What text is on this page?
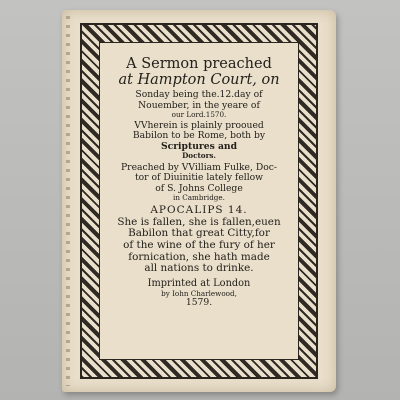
A Sermon preached
at Hampton Court, on
Sonday being the.12.day of
Nouember, in the yeare of
our Lord.1570.
VVherein is plainly prooued
Babilon to be Rome, both by
Scriptures and
Doctors.
Preached by VVilliam Fulke, Doc-
tor of Diuinitie lately fellow
of S. Johns College
in Cambridge.
APOCALIPS 14.
She is fallen, she is fallen,euen
Babilon that great Citty,for
of the wine of the fury of her
fornication, she hath made
all nations to drinke.
Imprinted at London
by Iohn Charlewood,
1579.
